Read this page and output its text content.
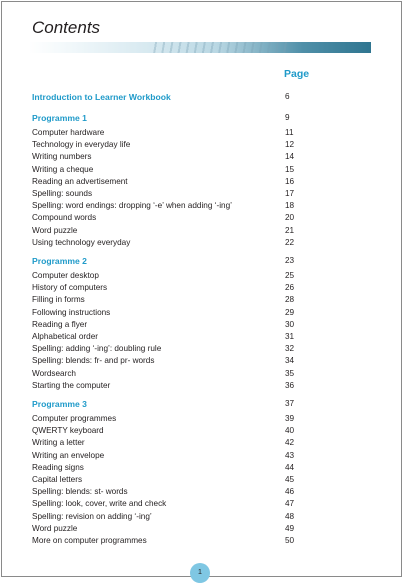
Contents
Page
Introduction to Learner Workbook	6
Programme 1	9
Computer hardware	11
Technology in everyday life	12
Writing numbers	14
Writing a cheque	15
Reading an advertisement	16
Spelling: sounds	17
Spelling: word endings: dropping ‘-e’ when adding ‘-ing’	18
Compound words	20
Word puzzle	21
Using technology everyday	22
Programme 2	23
Computer desktop	25
History of computers	26
Filling in forms	28
Following instructions	29
Reading a flyer	30
Alphabetical order	31
Spelling: adding ‘-ing’: doubling rule	32
Spelling: blends: fr- and pr- words	34
Wordsearch	35
Starting the computer	36
Programme 3	37
Computer programmes	39
QWERTY keyboard	40
Writing a letter	42
Writing an envelope	43
Reading signs	44
Capital letters	45
Spelling: blends: st- words	46
Spelling: look, cover, write and check	47
Spelling: revision on adding ‘-ing’	48
Word puzzle	49
More on computer programmes	50
1
